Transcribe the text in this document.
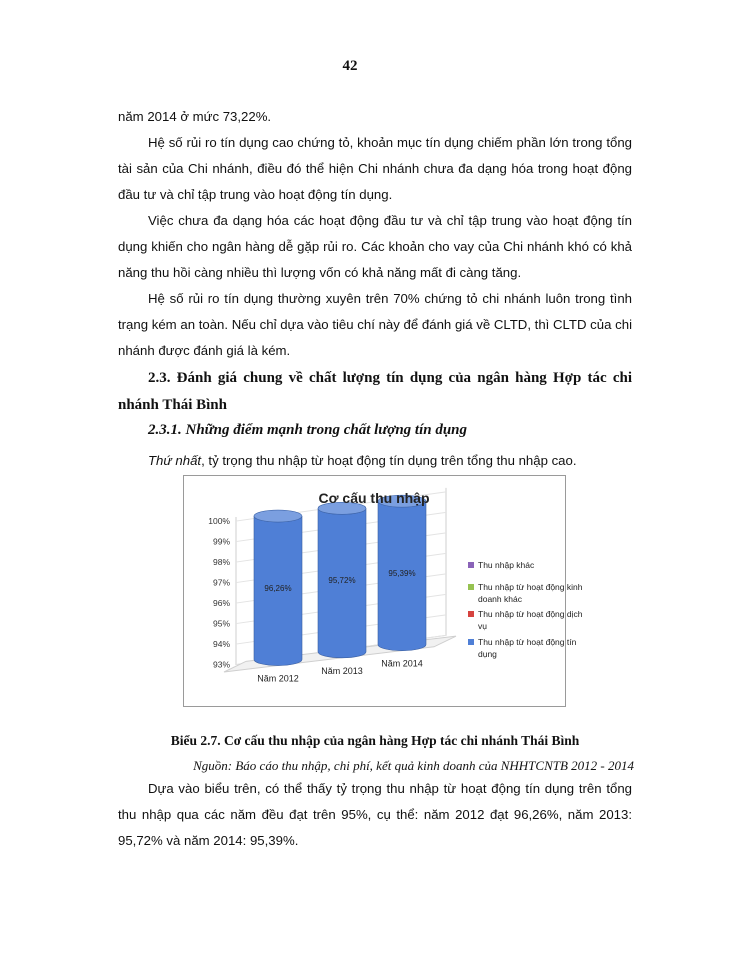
42

năm 2014 ở mức 73,22%.

Hệ số rủi ro tín dụng cao chứng tỏ, khoản mục tín dụng chiếm phần lớn trong tổng tài sản của Chi nhánh, điều đó thể hiện Chi nhánh chưa đa dạng hóa trong hoạt động đầu tư và chỉ tập trung vào hoạt động tín dụng.

Việc chưa đa dạng hóa các hoạt động đầu tư và chỉ tập trung vào hoạt động tín dụng khiến cho ngân hàng dễ gặp rủi ro. Các khoản cho vay của Chi nhánh khó có khả năng thu hồi càng nhiều thì lượng vốn có khả năng mất đi càng tăng.

Hệ số rủi ro tín dụng thường xuyên trên 70% chứng tỏ chi nhánh luôn trong tình trạng kém an toàn. Nếu chỉ dựa vào tiêu chí này để đánh giá về CLTD, thì CLTD của chi nhánh được đánh giá là kém.

2.3. Đánh giá chung về chất lượng tín dụng của ngân hàng Hợp tác chi nhánh Thái Bình
2.3.1. Những điểm mạnh trong chất lượng tín dụng
Thứ nhất, tỷ trọng thu nhập từ hoạt động tín dụng trên tổng thu nhập cao.
93%
94%
95%
96%
97%
98%
99%
100%
96,26%
Năm 2012
95,72%
Năm 2013
95,39%
Năm 2014
Thu nhập khác
Thu nhập từ hoạt động kinh doanh khác
Thu nhập từ hoạt động dịch vụ
Thu nhập từ hoạt động tín dụng
Cơ cấu thu nhập
Biểu 2.7. Cơ cấu thu nhập của ngân hàng Hợp tác chi nhánh Thái Bình
Nguồn: Báo cáo thu nhập, chi phí, kết quả kinh doanh của NHHTCNTB 2012 - 2014

Dựa vào biểu trên, có thể thấy tỷ trọng thu nhập từ hoạt động tín dụng trên tổng thu nhập qua các năm đều đạt trên 95%, cụ thể: năm 2012 đạt 96,26%, năm 2013: 95,72% và năm 2014: 95,39%.
